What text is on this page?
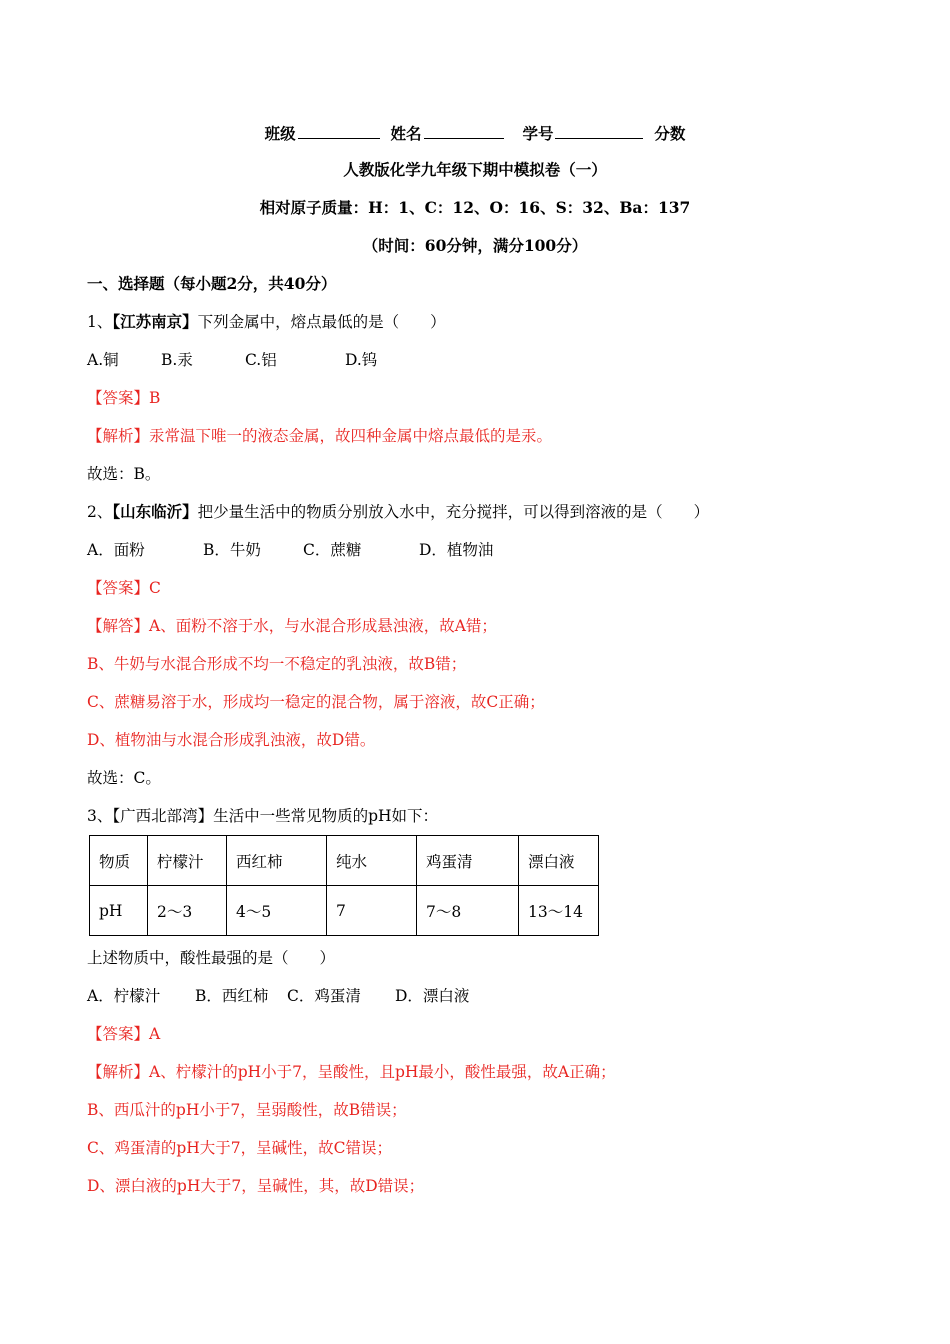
班级	姓名	学号	分数
人教版化学九年级下期中模拟卷（一）
相对原子质量：H：1、C：12、O：16、S：32、Ba：137
（时间：60分钟，满分100分）
一、选择题（每小题2分，共40分）
1、【江苏南京】下列金属中，熔点最低的是（　　）
A.铜	B.汞	C.铝	D.钨
【答案】B
【解析】汞常温下唯一的液态金属，故四种金属中熔点最低的是汞。
故选：B。
2、【山东临沂】把少量生活中的物质分别放入水中，充分搅拌，可以得到溶液的是（　　）
A．面粉	B．牛奶	C．蔗糖	D．植物油
【答案】C
【解答】A、面粉不溶于水，与水混合形成悬浊液，故A错；
B、牛奶与水混合形成不均一不稳定的乳浊液，故B错；
C、蔗糖易溶于水，形成均一稳定的混合物，属于溶液，故C正确；
D、植物油与水混合形成乳浊液，故D错。
故选：C。
3、【广西北部湾】生活中一些常见物质的pH如下：
物质	柠檬汁	西红柿	纯水	鸡蛋清	漂白液
pH	2～3	4～5	7	7～8	13～14
上述物质中，酸性最强的是（　　）
A．柠檬汁 B．西红柿 C．鸡蛋清 D．漂白液
【答案】A
【解析】A、柠檬汁的pH小于7，呈酸性，且pH最小，酸性最强，故A正确；
B、西瓜汁的pH小于7，呈弱酸性，故B错误；
C、鸡蛋清的pH大于7，呈碱性，故C错误；
D、漂白液的pH大于7，呈碱性，其，故D错误；
